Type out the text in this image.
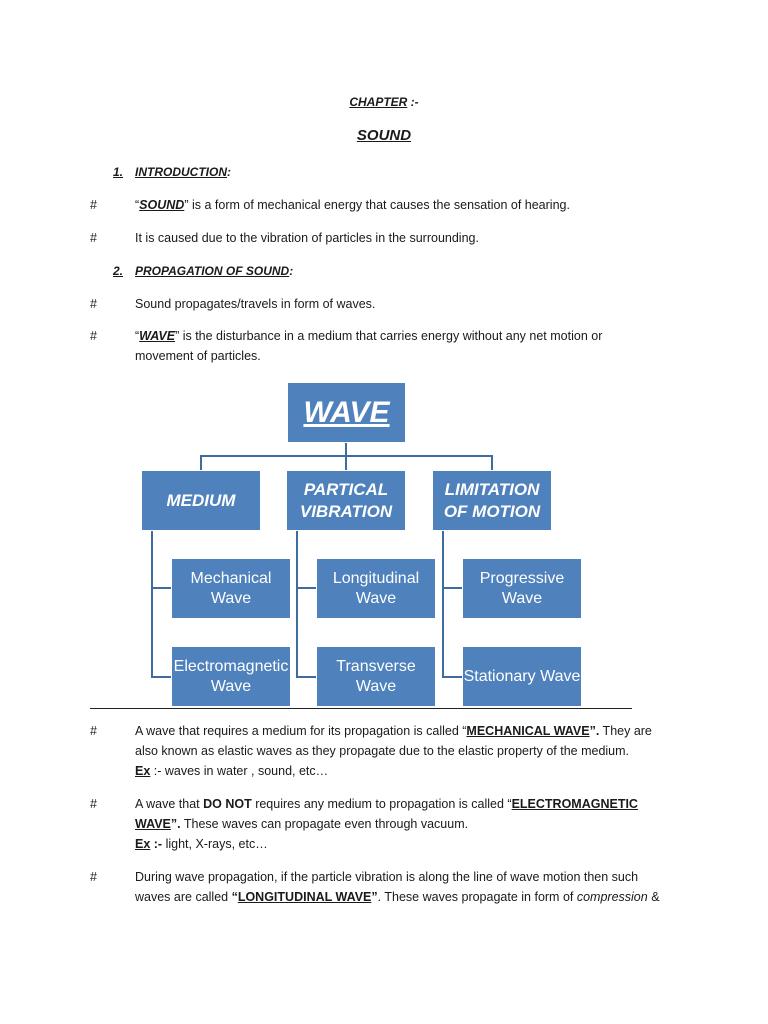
CHAPTER :-
SOUND
1. INTRODUCTION:
#	“SOUND” is a form of mechanical energy that causes the sensation of hearing.
#	It is caused due to the vibration of particles in the surrounding.
2. PROPAGATION OF SOUND:
#	Sound propagates/travels in form of waves.
#	“WAVE” is the disturbance in a medium that carries energy without any net motion or movement of particles.
WAVE
MEDIUM
PARTICAL VIBRATION
LIMITATION OF MOTION
Mechanical Wave
Electromagnetic Wave
Longitudinal Wave
Transverse Wave
Progressive Wave
Stationary Wave
#	A wave that requires a medium for its propagation is called “MECHANICAL WAVE”. They are also known as elastic waves as they propagate due to the elastic property of the medium.
Ex :- waves in water , sound, etc…
#	A wave that DO NOT requires any medium to propagation is called “ELECTROMAGNETIC WAVE”. These waves can propagate even through vacuum.
Ex :- light, X-rays, etc…
#	During wave propagation, if the particle vibration is along the line of wave motion then such waves are called “LONGITUDINAL WAVE”. These waves propagate in form of compression &
